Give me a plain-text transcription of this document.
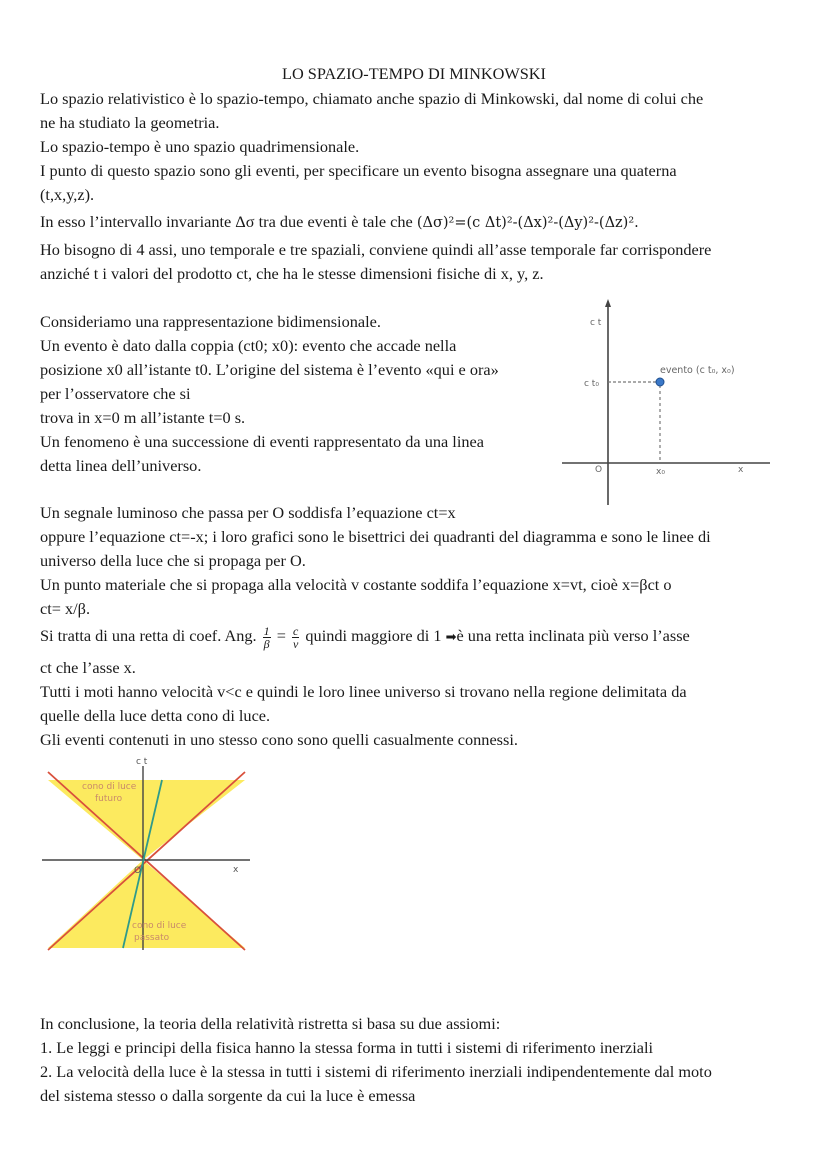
LO SPAZIO-TEMPO DI MINKOWSKI
Lo spazio relativistico è lo spazio-tempo, chiamato anche spazio di Minkowski, dal nome di colui che
ne ha studiato la geometria.
Lo spazio-tempo è uno spazio quadrimensionale.
I punto di questo spazio sono gli eventi, per specificare un evento bisogna assegnare una quaterna
(t,x,y,z).
In esso l’intervallo invariante Δσ tra due eventi è tale che (Δσ)²=(c Δt)²-(Δx)²-(Δy)²-(Δz)².
Ho bisogno di 4 assi, uno temporale e tre spaziali, conviene quindi all’asse temporale far corrispondere
anziché t i valori del prodotto ct, che ha le stesse dimensioni fisiche di x, y, z.
Consideriamo una rappresentazione bidimensionale.
Un evento è dato dalla coppia (ct0; x0): evento che accade nella
posizione x0 all’istante t0. L’origine del sistema è l’evento «qui e ora»
per l’osservatore che si
trova in x=0 m all’istante t=0 s.
Un fenomeno è una successione di eventi rappresentato da una linea
detta linea dell’universo.
c t
c t₀
evento (c t₀, x₀)
O	x₀	x
Un segnale luminoso che passa per O soddisfa l’equazione ct=x
oppure l’equazione ct=-x; i loro grafici sono le bisettrici dei quadranti del diagramma e sono le linee di
universo della luce che si propaga per O.
Un punto materiale che si propaga alla velocità v costante soddifa l’equazione x=vt, cioè x=βct o
ct= x/β.
Si tratta di una retta di coef. Ang. $\frac{1}{\beta} = \frac{c}{v}$ quindi maggiore di 1 ➡è una retta inclinata più verso l’asse
ct che l’asse x.
Tutti i moti hanno velocità v<c e quindi le loro linee universo si trovano nella regione delimitata da
quelle della luce detta cono di luce.
Gli eventi contenuti in uno stesso cono sono quelli casualmente connessi.
c t
cono di luce
futuro
O	x
cono di luce
passato
In conclusione, la teoria della relatività ristretta si basa su due assiomi:
1. Le leggi e principi della fisica hanno la stessa forma in tutti i sistemi di riferimento inerziali
2. La velocità della luce è la stessa in tutti i sistemi di riferimento inerziali indipendentemente dal moto
del sistema stesso o dalla sorgente da cui la luce è emessa
